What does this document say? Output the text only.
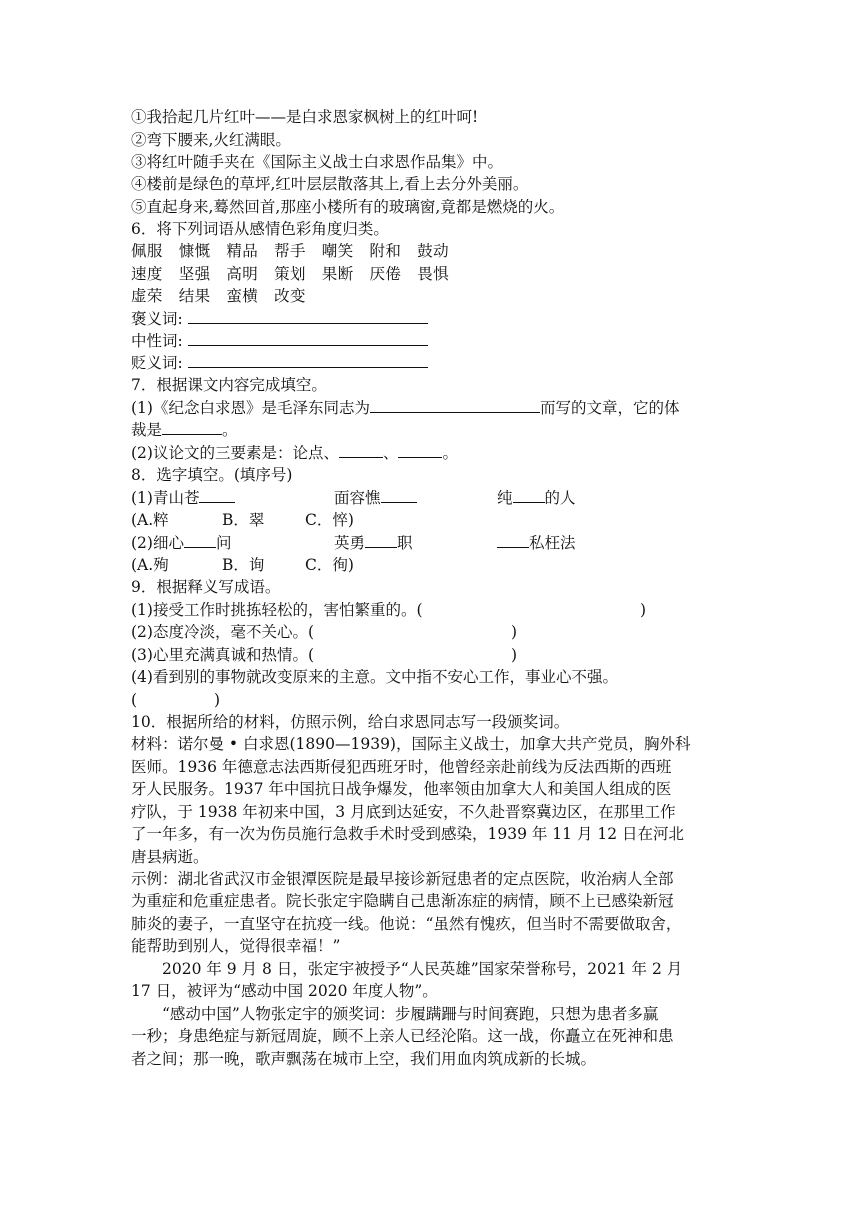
①我拾起几片红叶——是白求恩家枫树上的红叶呵!
②弯下腰来,火红满眼。
③将红叶随手夹在《国际主义战士白求恩作品集》中。
④楼前是绿色的草坪,红叶层层散落其上,看上去分外美丽。
⑤直起身来,蓦然回首,那座小楼所有的玻璃窗,竟都是燃烧的火。
6．将下列词语从感情色彩角度归类。
佩服　慷慨　精品　帮手　嘲笑　附和　鼓动
速度　坚强　高明　策划　果断　厌倦　畏惧
虚荣　结果　蛮横　改变
褒义词:
中性词:
贬义词:
7．根据课文内容完成填空。
(1)《纪念白求恩》是毛泽东同志为	而写的文章，它的体
裁是	。
(2)议论文的三要素是：论点、	、	。
8．选字填空。(填序号)
(1)青山苍	面容憔	纯 的人
(A.粹	B．翠	C．悴)
(2)细心 问	英勇 职	私枉法
(A.殉	B．询	C．徇)
9．根据释义写成语。
(1)接受工作时挑拣轻松的，害怕繁重的。(	)
(2)态度冷淡，毫不关心。(	)
(3)心里充满真诚和热情。(	)
(4)看到别的事物就改变原来的主意。文中指不安心工作，事业心不强。
(	)
10．根据所给的材料，仿照示例，给白求恩同志写一段颁奖词。
材料：诺尔曼 • 白求恩(1890—1939)，国际主义战士，加拿大共产党员，胸外科
医师。1936 年德意志法西斯侵犯西班牙时，他曾经亲赴前线为反法西斯的西班
牙人民服务。1937 年中国抗日战争爆发，他率领由加拿大人和美国人组成的医
疗队，于 1938 年初来中国，3 月底到达延安，不久赴晋察冀边区，在那里工作
了一年多，有一次为伤员施行急救手术时受到感染，1939 年 11 月 12 日在河北
唐县病逝。
示例：湖北省武汉市金银潭医院是最早接诊新冠患者的定点医院，收治病人全部
为重症和危重症患者。院长张定宇隐瞒自己患渐冻症的病情，顾不上已感染新冠
肺炎的妻子，一直坚守在抗疫一线。他说：“虽然有愧疚，但当时不需要做取舍，
能帮助到别人，觉得很幸福！”
2020 年 9 月 8 日，张定宇被授予“人民英雄”国家荣誉称号，2021 年 2 月
17 日，被评为“感动中国 2020 年度人物”。
“感动中国”人物张定宇的颁奖词：步履蹒跚与时间赛跑，只想为患者多赢
一秒；身患绝症与新冠周旋，顾不上亲人已经沦陷。这一战，你矗立在死神和患
者之间；那一晚，歌声飘荡在城市上空，我们用血肉筑成新的长城。
